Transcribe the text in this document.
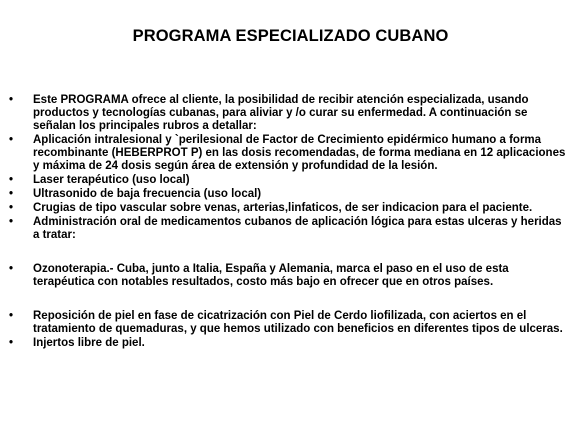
PROGRAMA ESPECIALIZADO CUBANO
• Este PROGRAMA ofrece al cliente, la posibilidad de recibir atención especializada, usando productos y tecnologías cubanas, para aliviar y /o curar su enfermedad. A continuación se señalan los principales rubros a detallar:
• Aplicación intralesional y `perilesional de Factor de Crecimiento epidérmico humano a forma recombinante (HEBERPROT P) en las dosis recomendadas, de forma mediana en 12 aplicaciones y máxima de 24 dosis según área de extensión y profundidad de la lesión.
• Laser terapéutico (uso local)
• Ultrasonido de baja frecuencia (uso local)
• Crugias de tipo vascular sobre venas, arterias,linfaticos, de ser indicacion para el paciente.
• Administración oral de medicamentos cubanos de aplicación lógica para estas ulceras y heridas a tratar:
• Ozonoterapia.- Cuba, junto a Italia, España y Alemania, marca el paso en el uso de esta terapéutica con notables resultados, costo más bajo en ofrecer que en otros países.
• Reposición de piel en fase de cicatrización con Piel de Cerdo liofilizada, con aciertos en el tratamiento de quemaduras, y que hemos utilizado con beneficios en diferentes tipos de ulceras.
• Injertos libre de piel.
